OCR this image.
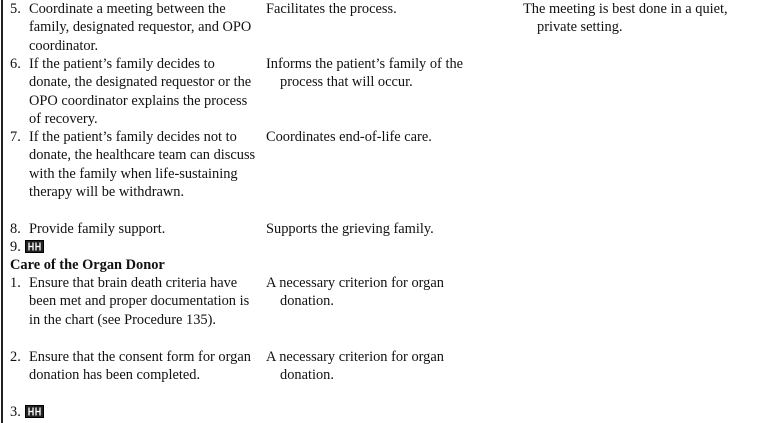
5. Coordinate a meeting between the family, designated requestor, and OPO coordinator.
Facilitates the process.	The meeting is best done in a quiet, private setting.
6. If the patient’s family decides to donate, the designated requestor or the OPO coordinator explains the process of recovery.
Informs the patient’s family of the process that will occur.
7. If the patient’s family decides not to donate, the healthcare team can discuss with the family when life-sustaining therapy will be withdrawn.
Coordinates end-of-life care.
8. Provide family support.	Supports the grieving family.
9.
Care of the Organ Donor
1. Ensure that brain death criteria have been met and proper documentation is in the chart (see Procedure 135).
A necessary criterion for organ donation.
2. Ensure that the consent form for organ donation has been completed.
A necessary criterion for organ donation.
3.
